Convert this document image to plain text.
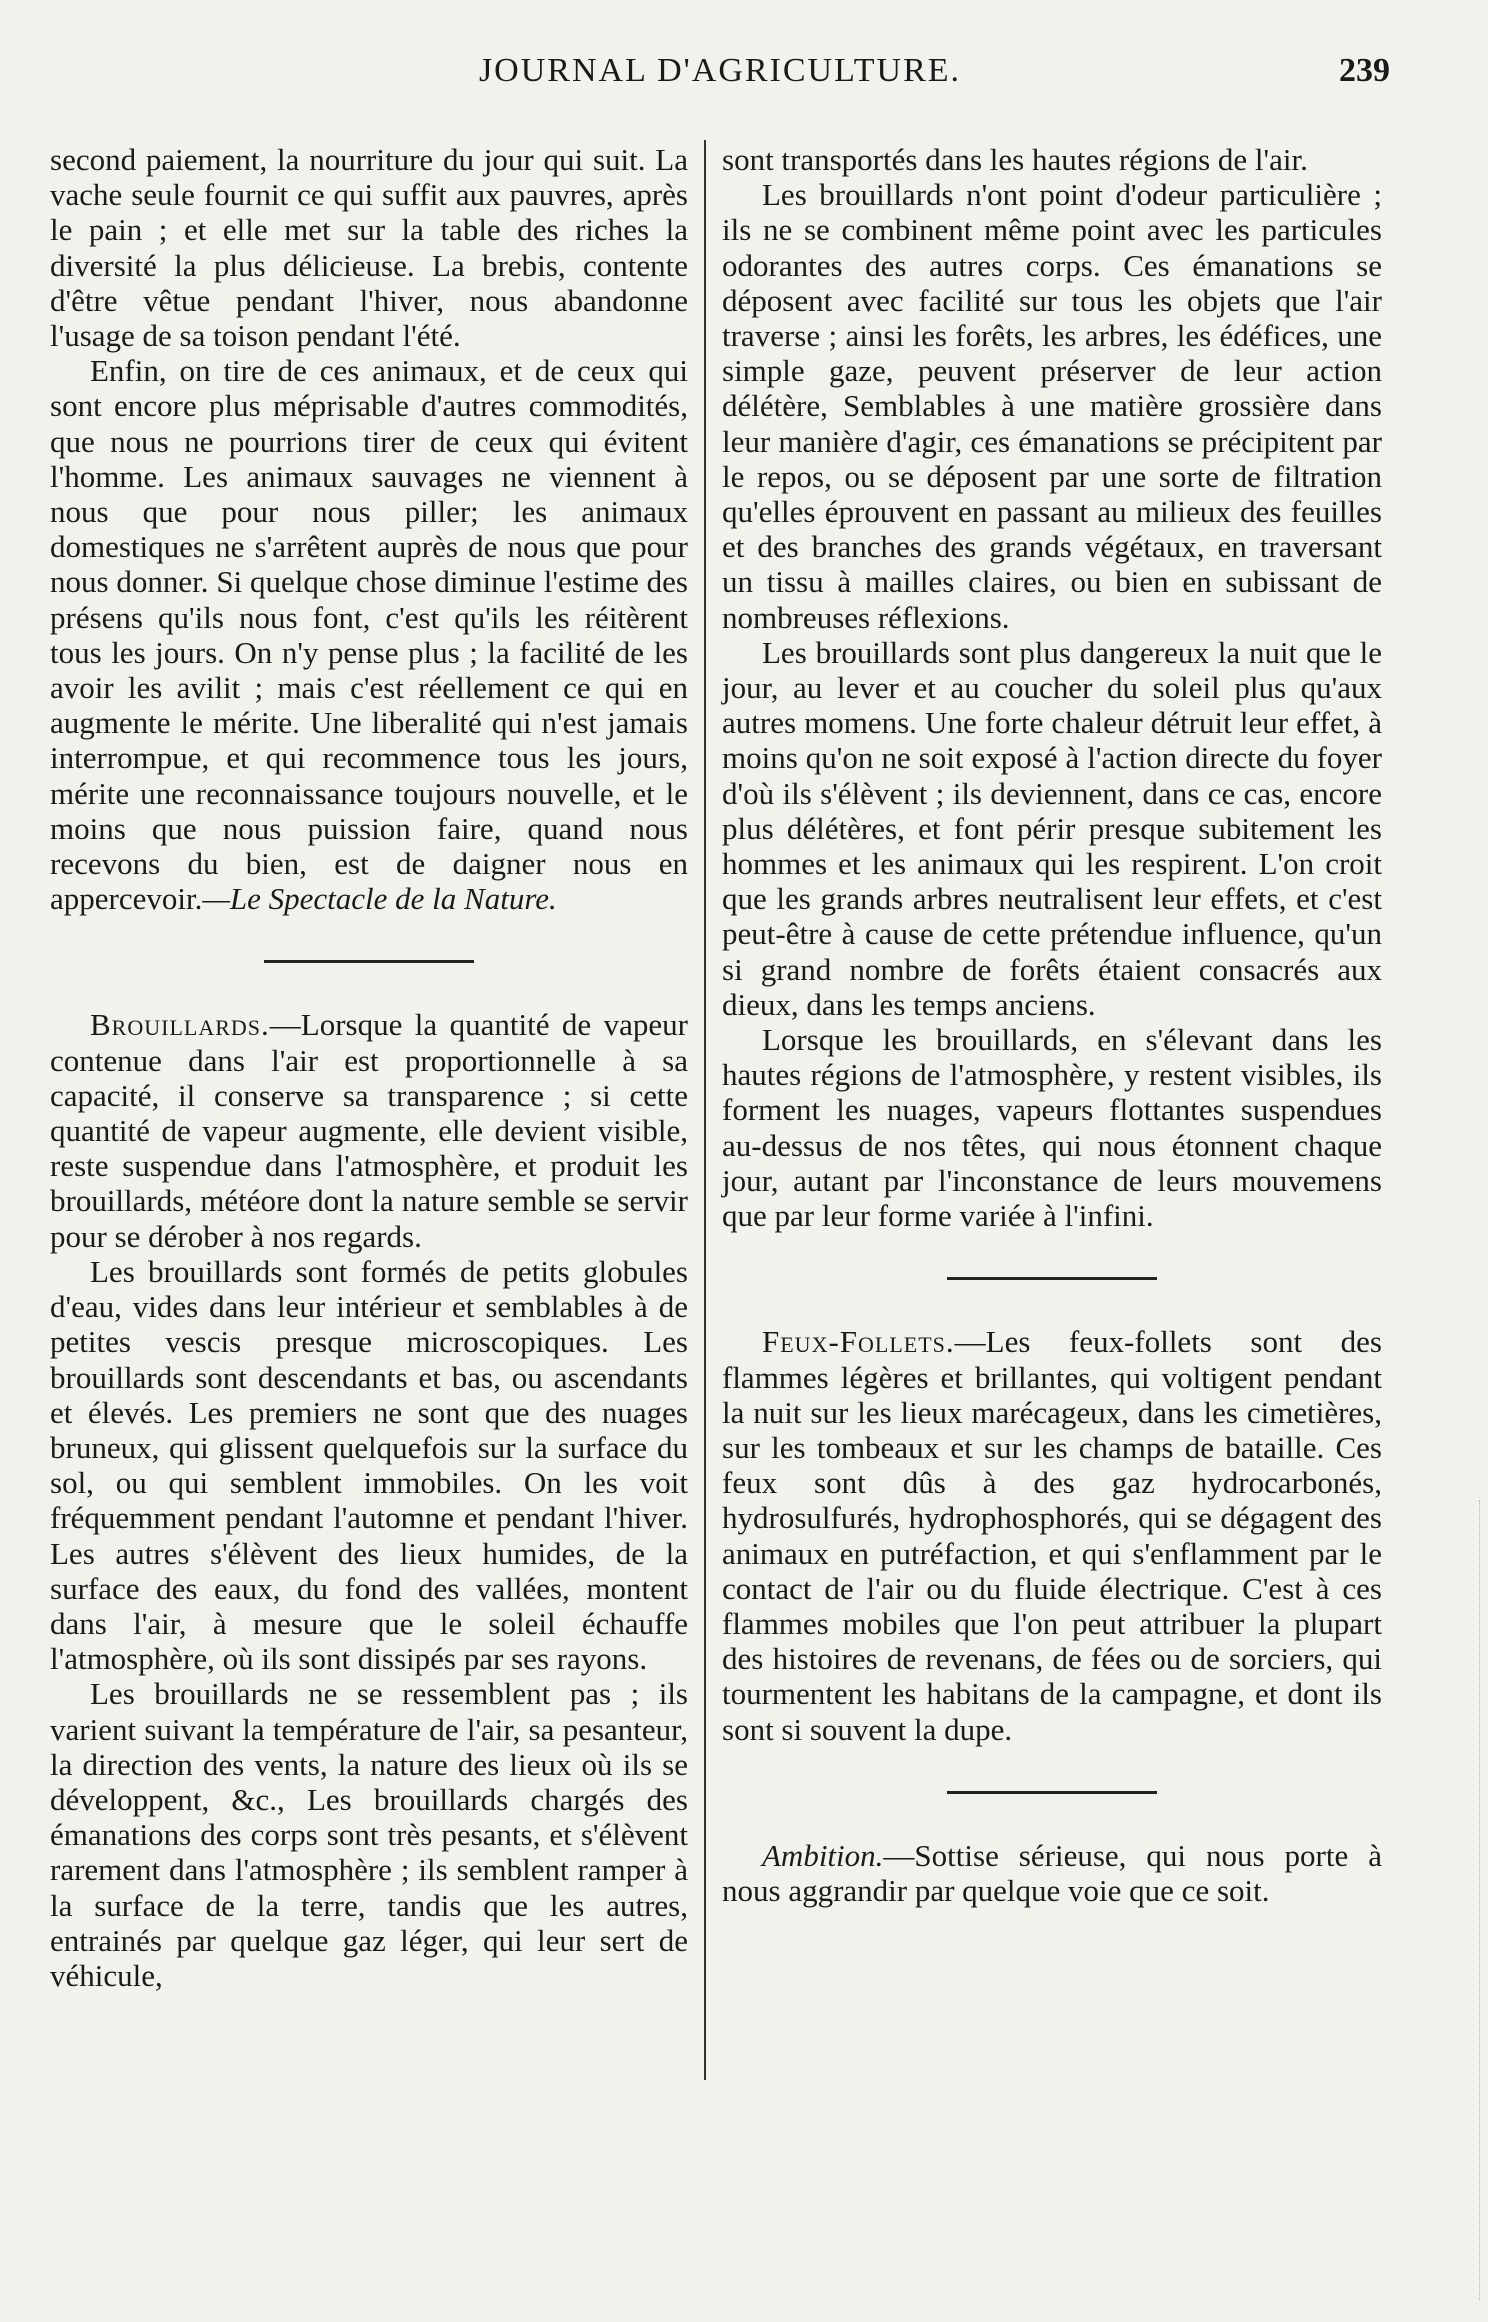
JOURNAL D'AGRICULTURE.	239

second paiement, la nourriture du jour qui suit. La vache seule fournit ce qui suffit aux pauvres, après le pain ; et elle met sur la table des riches la diversité la plus délicieuse. La brebis, contente d'être vêtue pendant l'hiver, nous abandonne l'usage de sa toison pendant l'été.

Enfin, on tire de ces animaux, et de ceux qui sont encore plus méprisable d'autres commodités, que nous ne pourrions tirer de ceux qui évitent l'homme. Les animaux sauvages ne viennent à nous que pour nous piller; les animaux domestiques ne s'arrêtent auprès de nous que pour nous donner. Si quelque chose diminue l'estime des présens qu'ils nous font, c'est qu'ils les réitèrent tous les jours. On n'y pense plus ; la facilité de les avoir les avilit ; mais c'est réellement ce qui en augmente le mérite. Une liberalité qui n'est jamais interrompue, et qui recommence tous les jours, mérite une reconnaissance toujours nouvelle, et le moins que nous puission faire, quand nous recevons du bien, est de daigner nous en appercevoir.—Le Spectacle de la Nature.

Brouillards.—Lorsque la quantité de vapeur contenue dans l'air est proportionnelle à sa capacité, il conserve sa transparence ; si cette quantité de vapeur augmente, elle devient visible, reste suspendue dans l'atmosphère, et produit les brouillards, météore dont la nature semble se servir pour se dérober à nos regards.

Les brouillards sont formés de petits globules d'eau, vides dans leur intérieur et semblables à de petites vescis presque microscopiques. Les brouillards sont descendants et bas, ou ascendants et élevés. Les premiers ne sont que des nuages bruneux, qui glissent quelquefois sur la surface du sol, ou qui semblent immobiles. On les voit fréquemment pendant l'automne et pendant l'hiver. Les autres s'élèvent des lieux humides, de la surface des eaux, du fond des vallées, montent dans l'air, à mesure que le soleil échauffe l'atmosphère, où ils sont dissipés par ses rayons.

Les brouillards ne se ressemblent pas ; ils varient suivant la température de l'air, sa pesanteur, la direction des vents, la nature des lieux où ils se développent, &c., Les brouillards chargés des émanations des corps sont très pesants, et s'élèvent rarement dans l'atmosphère ; ils semblent ramper à la surface de la terre, tandis que les autres, entrainés par quelque gaz léger, qui leur sert de véhicule,

sont transportés dans les hautes régions de l'air.

Les brouillards n'ont point d'odeur particulière ; ils ne se combinent même point avec les particules odorantes des autres corps. Ces émanations se déposent avec facilité sur tous les objets que l'air traverse ; ainsi les forêts, les arbres, les édéfices, une simple gaze, peuvent préserver de leur action délétère, Semblables à une matière grossière dans leur manière d'agir, ces émanations se précipitent par le repos, ou se déposent par une sorte de filtration qu'elles éprouvent en passant au milieux des feuilles et des branches des grands végétaux, en traversant un tissu à mailles claires, ou bien en subissant de nombreuses réflexions.

Les brouillards sont plus dangereux la nuit que le jour, au lever et au coucher du soleil plus qu'aux autres momens. Une forte chaleur détruit leur effet, à moins qu'on ne soit exposé à l'action directe du foyer d'où ils s'élèvent ; ils deviennent, dans ce cas, encore plus délétères, et font périr presque subitement les hommes et les animaux qui les respirent. L'on croit que les grands arbres neutralisent leur effets, et c'est peut-être à cause de cette prétendue influence, qu'un si grand nombre de forêts étaient consacrés aux dieux, dans les temps anciens.

Lorsque les brouillards, en s'élevant dans les hautes régions de l'atmosphère, y restent visibles, ils forment les nuages, vapeurs flottantes suspendues au-dessus de nos têtes, qui nous étonnent chaque jour, autant par l'inconstance de leurs mouvemens que par leur forme variée à l'infini.

Feux-Follets.—Les feux-follets sont des flammes légères et brillantes, qui voltigent pendant la nuit sur les lieux marécageux, dans les cimetières, sur les tombeaux et sur les champs de bataille. Ces feux sont dûs à des gaz hydrocarbonés, hydrosulfurés, hydrophosphorés, qui se dégagent des animaux en putréfaction, et qui s'enflamment par le contact de l'air ou du fluide électrique. C'est à ces flammes mobiles que l'on peut attribuer la plupart des histoires de revenans, de fées ou de sorciers, qui tourmentent les habitans de la campagne, et dont ils sont si souvent la dupe.

Ambition.—Sottise sérieuse, qui nous porte à nous aggrandir par quelque voie que ce soit.
